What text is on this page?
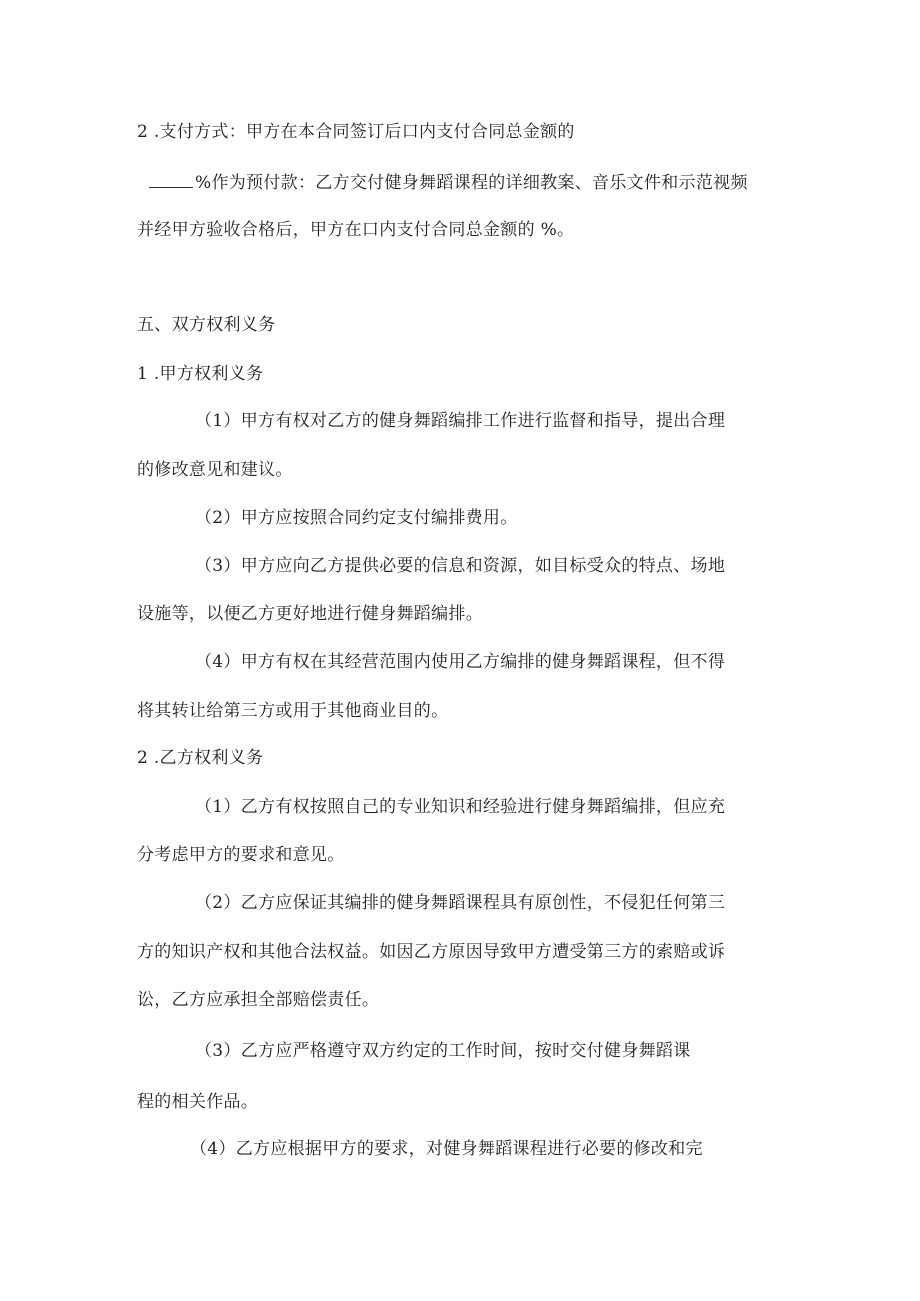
2 .支付方式：甲方在本合同签订后口内支付合同总金额的
%作为预付款：乙方交付健身舞蹈课程的详细教案、音乐文件和示范视频
并经甲方验收合格后，甲方在口内支付合同总金额的 %。
五、双方权利义务
1 .甲方权利义务
（1）甲方有权对乙方的健身舞蹈编排工作进行监督和指导，提出合理
的修改意见和建议。
（2）甲方应按照合同约定支付编排费用。
（3）甲方应向乙方提供必要的信息和资源，如目标受众的特点、场地
设施等，以便乙方更好地进行健身舞蹈编排。
（4）甲方有权在其经营范围内使用乙方编排的健身舞蹈课程，但不得
将其转让给第三方或用于其他商业目的。
2 .乙方权利义务
（1）乙方有权按照自己的专业知识和经验进行健身舞蹈编排，但应充
分考虑甲方的要求和意见。
（2）乙方应保证其编排的健身舞蹈课程具有原创性，不侵犯任何第三
方的知识产权和其他合法权益。如因乙方原因导致甲方遭受第三方的索赔或诉
讼，乙方应承担全部赔偿责任。
（3）乙方应严格遵守双方约定的工作时间，按时交付健身舞蹈课
程的相关作品。
（4）乙方应根据甲方的要求，对健身舞蹈课程进行必要的修改和完
